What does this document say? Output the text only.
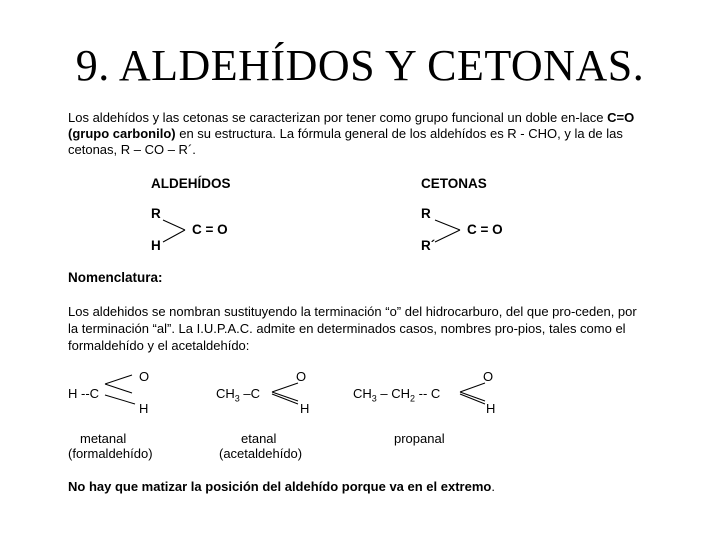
9. ALDEHÍDOS Y CETONAS.

Los aldehídos y las cetonas se caracterizan por tener como grupo funcional un doble en-lace C=O (grupo carbonilo) en su estructura. La fórmula general de los aldehídos es R - CHO, y la de las cetonas, R – CO – R´.

ALDEHÍDOS	CETONAS
R
H
C = O
R
R´
C = O
Nomenclatura:

Los aldehidos se nombran sustituyendo la terminación “o” del hidrocarburo, del que pro-ceden, por la terminación “al”. La I.U.P.A.C. admite en determinados casos, nombres pro-pios, tales como el formaldehído y el acetaldehído:

O
H --C
H
metanal
(formaldehído)
O
$CH_3$ –C
H
etanal
(acetaldehído)
O
$CH_3 - CH_2$ -- C
H
propanal

No hay que matizar la posición del aldehído porque va en el extremo.
